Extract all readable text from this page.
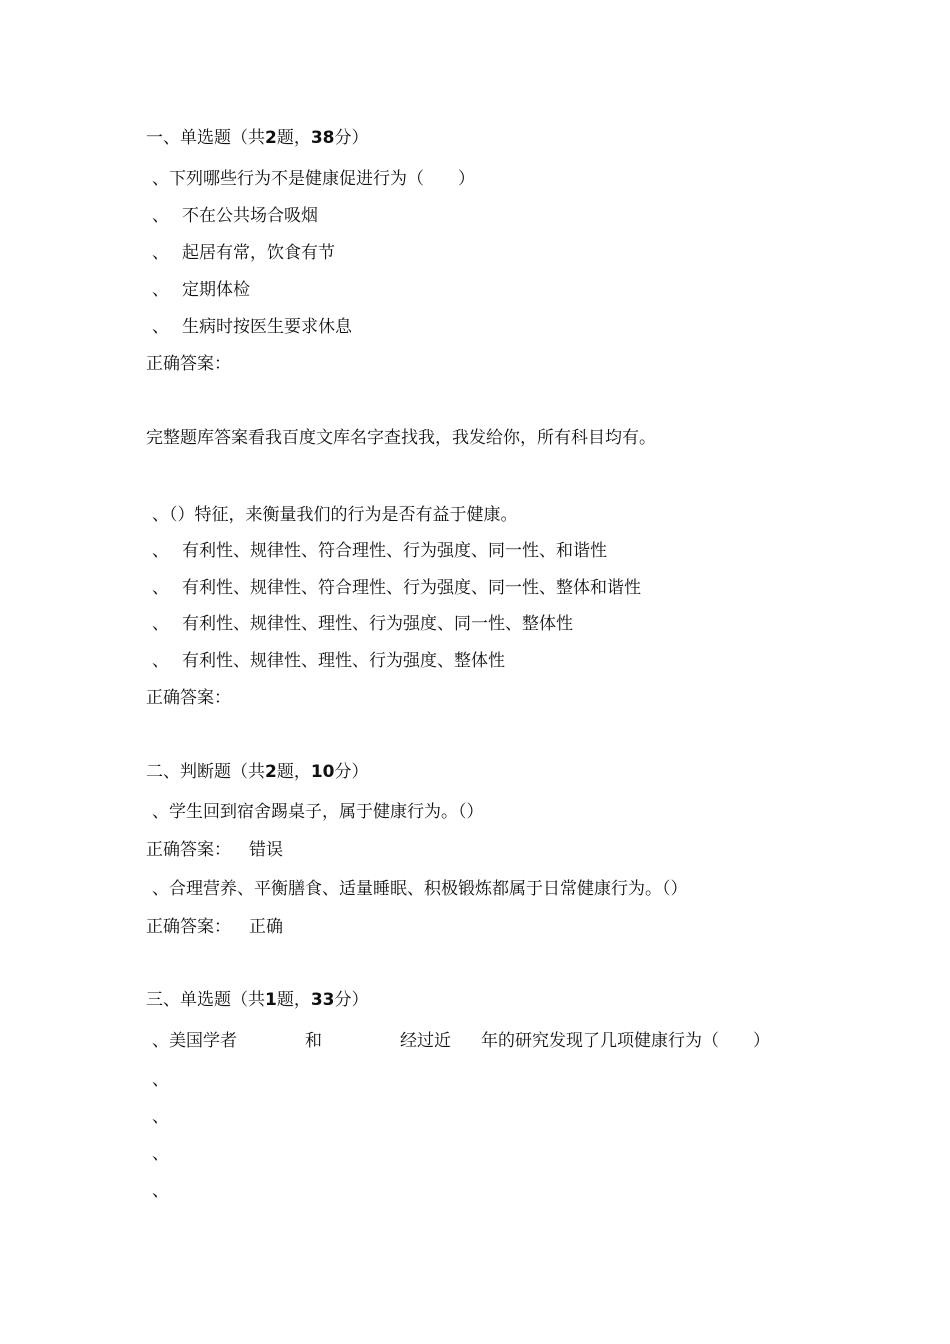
一、单选题（共2题，38分）
、下列哪些行为不是健康促进行为（　　）
、 不在公共场合吸烟
、 起居有常，饮食有节
、 定期体检
、 生病时按医生要求休息
正确答案：
完整题库答案看我百度文库名字查找我，我发给你，所有科目均有。
、（）特征，来衡量我们的行为是否有益于健康。
、 有利性、规律性、符合理性、行为强度、同一性、和谐性
、 有利性、规律性、符合理性、行为强度、同一性、整体和谐性
、 有利性、规律性、理性、行为强度、同一性、整体性
、 有利性、规律性、理性、行为强度、整体性
正确答案：
二、判断题（共2题，10分）
、学生回到宿舍踢桌子，属于健康行为。（）
正确答案： 错误
、合理营养、平衡膳食、适量睡眠、积极锻炼都属于日常健康行为。（）
正确答案： 正确
三、单选题（共1题，33分）
、美国学者	和	经过近 年的研究发现了几项健康行为（　　）
、
、
、
、
